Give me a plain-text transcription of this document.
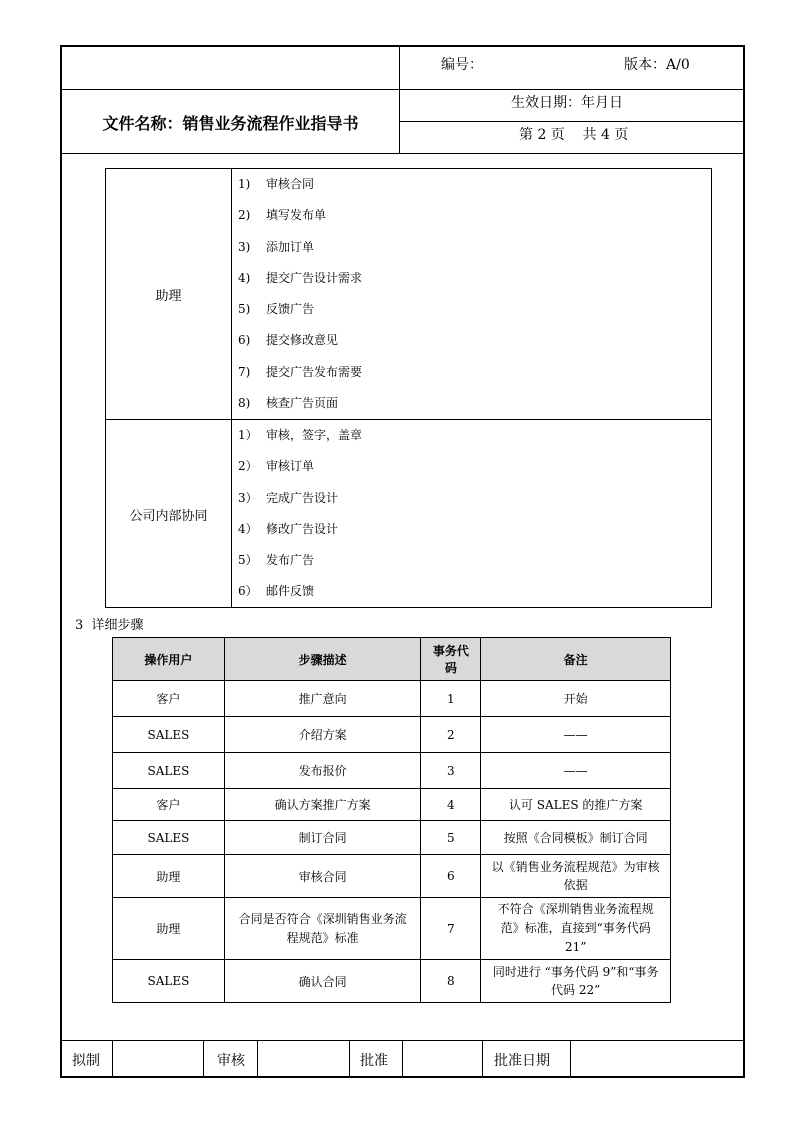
编号：	版本：A/0
文件名称：销售业务流程作业指导书
生效日期：年月日
第 2 页    共 4 页
助理
1) 审核合同
2) 填写发布单
3) 添加订单
4) 提交广告设计需求
5) 反馈广告
6) 提交修改意见
7) 提交广告发布需要
8) 核查广告页面
公司内部协同
1） 审核，签字，盖章
2） 审核订单
3） 完成广告设计
4） 修改广告设计
5） 发布广告
6） 邮件反馈
3  详细步骤
操作用户	步骤描述	事务代码	备注
客户	推广意向	1	开始
SALES	介绍方案	2	——
SALES	发布报价	3	——
客户	确认方案推广方案	4	认可 SALES 的推广方案
SALES	制订合同	5	按照《合同模板》制订合同
助理	审核合同	6	以《销售业务流程规范》为审核依据
助理	合同是否符合《深圳销售业务流程规范》标准	7	不符合《深圳销售业务流程规范》标准，直接到“事务代码 21”
SALES	确认合同	8	同时进行 “事务代码 9”和“事务代码 22”
拟制	审核	批准	批准日期
